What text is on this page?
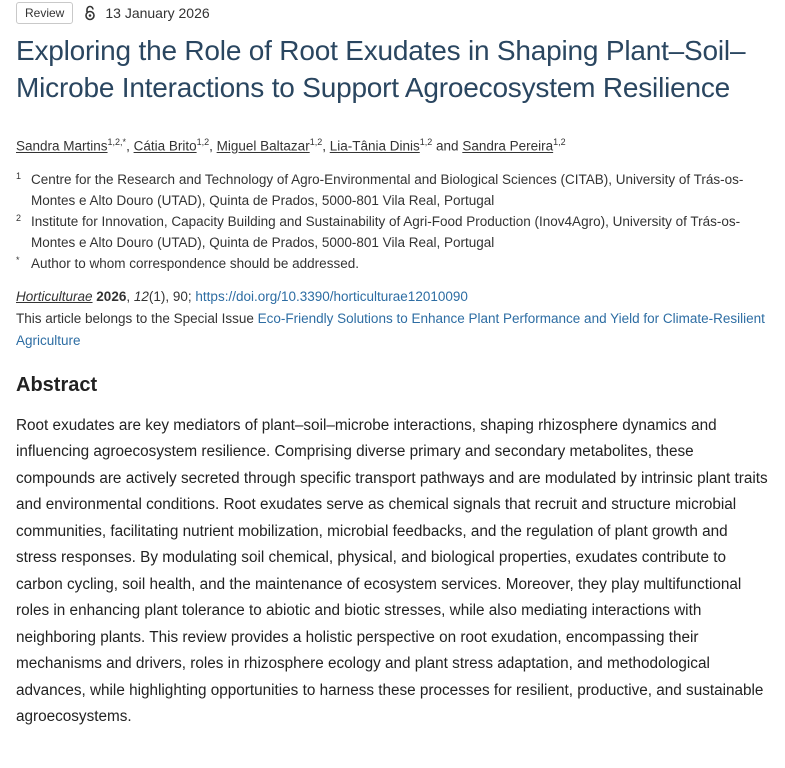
Review	13 January 2026
Exploring the Role of Root Exudates in Shaping Plant–Soil–Microbe Interactions to Support Agroecosystem Resilience
Sandra Martins$^{1,2,*}$, Cátia Brito$^{1,2}$, Miguel Baltazar$^{1,2}$, Lia-Tânia Dinis$^{1,2}$ and Sandra Pereira$^{1,2}$
1 Centre for the Research and Technology of Agro-Environmental and Biological Sciences (CITAB), University of Trás-os-Montes e Alto Douro (UTAD), Quinta de Prados, 5000-801 Vila Real, Portugal
2 Institute for Innovation, Capacity Building and Sustainability of Agri-Food Production (Inov4Agro), University of Trás-os-Montes e Alto Douro (UTAD), Quinta de Prados, 5000-801 Vila Real, Portugal
* Author to whom correspondence should be addressed.
Horticulturae 2026, 12(1), 90; https://doi.org/10.3390/horticulturae12010090
This article belongs to the Special Issue Eco-Friendly Solutions to Enhance Plant Performance and Yield for Climate-Resilient Agriculture
Abstract
Root exudates are key mediators of plant–soil–microbe interactions, shaping rhizosphere dynamics and influencing agroecosystem resilience. Comprising diverse primary and secondary metabolites, these compounds are actively secreted through specific transport pathways and are modulated by intrinsic plant traits and environmental conditions. Root exudates serve as chemical signals that recruit and structure microbial communities, facilitating nutrient mobilization, microbial feedbacks, and the regulation of plant growth and stress responses. By modulating soil chemical, physical, and biological properties, exudates contribute to carbon cycling, soil health, and the maintenance of ecosystem services. Moreover, they play multifunctional roles in enhancing plant tolerance to abiotic and biotic stresses, while also mediating interactions with neighboring plants. This review provides a holistic perspective on root exudation, encompassing their mechanisms and drivers, roles in rhizosphere ecology and plant stress adaptation, and methodological advances, while highlighting opportunities to harness these processes for resilient, productive, and sustainable agroecosystems.
